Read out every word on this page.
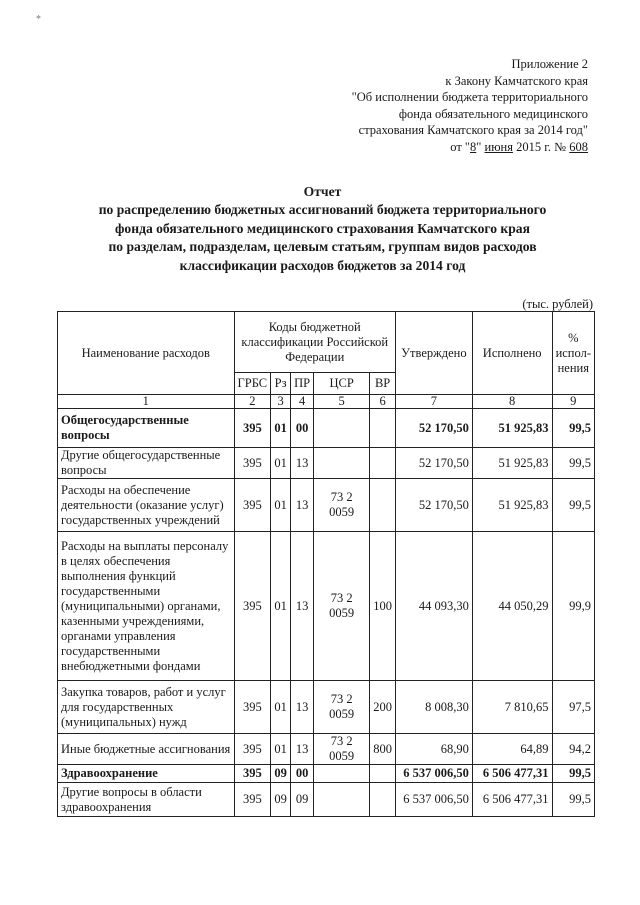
*
Приложение 2
к Закону Камчатского края
"Об исполнении бюджета территориального
фонда обязательного медицинского
страхования Камчатского края за 2014 год"
от "8" июня 2015 г. № 608
Отчет
по распределению бюджетных ассигнований бюджета территориального
фонда обязательного медицинского страхования Камчатского края
по разделам, подразделам, целевым статьям, группам видов расходов
классификации расходов бюджетов за 2014 год
(тыс. рублей)
Наименование расходов	Коды бюджетной классификации Российской Федерации					Утверждено	Исполнено	% испол-нения
	ГРБС	Рз	ПР	ЦСР	ВР			
1	2	3	4	5	6	7	8	9
Общегосударственные вопросы	395	01	00			52 170,50	51 925,83	99,5
Другие общегосударственные вопросы	395	01	13			52 170,50	51 925,83	99,5
Расходы на обеспечение деятельности (оказание услуг) государственных учреждений	395	01	13	73 2 0059		52 170,50	51 925,83	99,5
Расходы на выплаты персоналу в целях обеспечения выполнения функций государственными (муниципальными) органами, казенными учреждениями, органами управления государственными внебюджетными фондами	395	01	13	73 2 0059	100	44 093,30	44 050,29	99,9
Закупка товаров, работ и услуг для государственных (муниципальных) нужд	395	01	13	73 2 0059	200	8 008,30	7 810,65	97,5
Иные бюджетные ассигнования	395	01	13	73 2 0059	800	68,90	64,89	94,2
Здравоохранение	395	09	00			6 537 006,50	6 506 477,31	99,5
Другие вопросы в области здравоохранения	395	09	09			6 537 006,50	6 506 477,31	99,5
